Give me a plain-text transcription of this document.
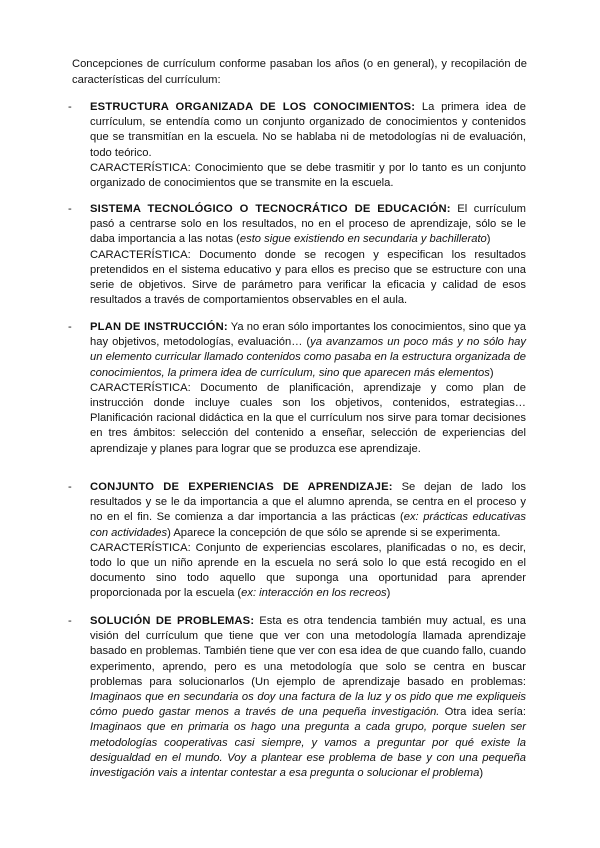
Concepciones de currículum conforme pasaban los años (o en general), y recopilación de características del currículum:

- ESTRUCTURA ORGANIZADA DE LOS CONOCIMIENTOS: La primera idea de currículum, se entendía como un conjunto organizado de conocimientos y contenidos que se transmitían en la escuela. No se hablaba ni de metodologías ni de evaluación, todo teórico.

CARACTERÍSTICA: Conocimiento que se debe trasmitir y por lo tanto es un conjunto organizado de conocimientos que se transmite en la escuela.

- SISTEMA TECNOLÓGICO O TECNOCRÁTICO DE EDUCACIÓN: El currículum pasó a centrarse solo en los resultados, no en el proceso de aprendizaje, sólo se le daba importancia a las notas (esto sigue existiendo en secundaria y bachillerato)

CARACTERÍSTICA: Documento donde se recogen y especifican los resultados pretendidos en el sistema educativo y para ellos es preciso que se estructure con una serie de objetivos. Sirve de parámetro para verificar la eficacia y calidad de esos resultados a través de comportamientos observables en el aula.

- PLAN DE INSTRUCCIÓN: Ya no eran sólo importantes los conocimientos, sino que ya hay objetivos, metodologías, evaluación… (ya avanzamos un poco más y no sólo hay un elemento curricular llamado contenidos como pasaba en la estructura organizada de conocimientos, la primera idea de currículum, sino que aparecen más elementos)

CARACTERÍSTICA: Documento de planificación, aprendizaje y como plan de instrucción donde incluye cuales son los objetivos, contenidos, estrategias… Planificación racional didáctica en la que el currículum nos sirve para tomar decisiones en tres ámbitos: selección del contenido a enseñar, selección de experiencias del aprendizaje y planes para lograr que se produzca ese aprendizaje.

- CONJUNTO DE EXPERIENCIAS DE APRENDIZAJE: Se dejan de lado los resultados y se le da importancia a que el alumno aprenda, se centra en el proceso y no en el fin. Se comienza a dar importancia a las prácticas (ex: prácticas educativas con actividades) Aparece la concepción de que sólo se aprende si se experimenta.

CARACTERÍSTICA: Conjunto de experiencias escolares, planificadas o no, es decir, todo lo que un niño aprende en la escuela no será solo lo que está recogido en el documento sino todo aquello que suponga una oportunidad para aprender proporcionada por la escuela (ex: interacción en los recreos)

- SOLUCIÓN DE PROBLEMAS: Esta es otra tendencia también muy actual, es una visión del currículum que tiene que ver con una metodología llamada aprendizaje basado en problemas. También tiene que ver con esa idea de que cuando fallo, cuando experimento, aprendo, pero es una metodología que solo se centra en buscar problemas para solucionarlos (Un ejemplo de aprendizaje basado en problemas: Imaginaos que en secundaria os doy una factura de la luz y os pido que me expliqueis cómo puedo gastar menos a través de una pequeña investigación. Otra idea sería: Imaginaos que en primaria os hago una pregunta a cada grupo, porque suelen ser metodologías cooperativas casi siempre, y vamos a preguntar por qué existe la desigualdad en el mundo. Voy a plantear ese problema de base y con una pequeña investigación vais a intentar contestar a esa pregunta o solucionar el problema)
